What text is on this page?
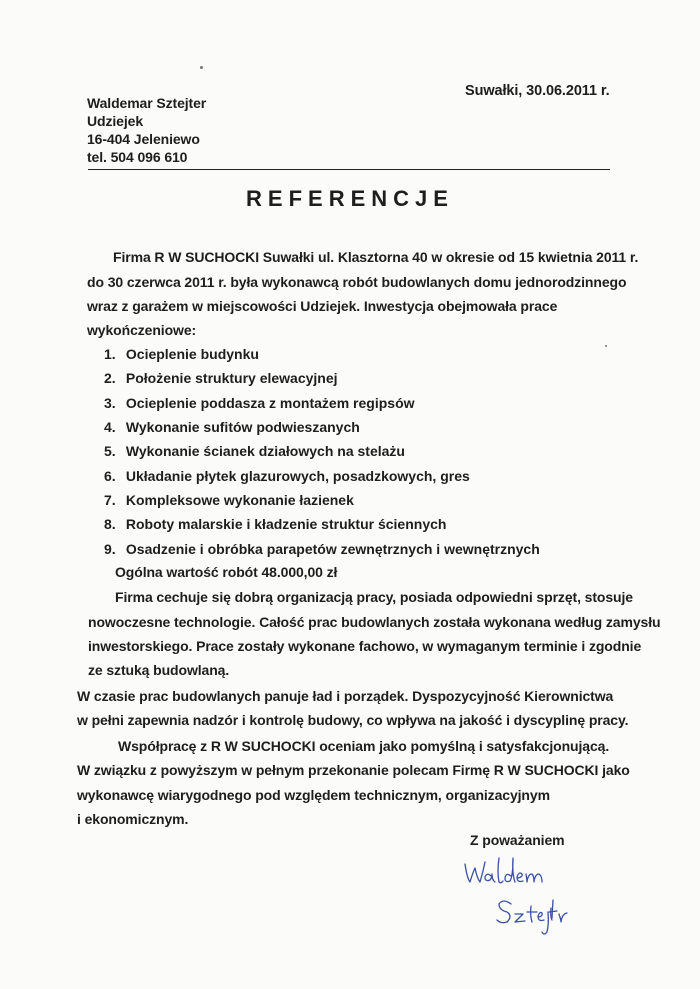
Suwałki, 30.06.2011 r.
Waldemar Sztejter
Udziejek
16-404 Jeleniewo
tel. 504 096 610
REFERENCJE
Firma R W SUCHOCKI Suwałki ul. Klasztorna 40 w okresie od 15 kwietnia 2011 r.
do 30 czerwca 2011 r. była wykonawcą robót budowlanych domu jednorodzinnego
wraz z garażem w miejscowości Udziejek. Inwestycja obejmowała prace
wykończeniowe:
1. Ocieplenie budynku
2. Położenie struktury elewacyjnej
3. Ocieplenie poddasza z montażem regipsów
4. Wykonanie sufitów podwieszanych
5. Wykonanie ścianek działowych na stelażu
6. Układanie płytek glazurowych, posadzkowych, gres
7. Kompleksowe wykonanie łazienek
8. Roboty malarskie i kładzenie struktur ściennych
9. Osadzenie i obróbka parapetów zewnętrznych i wewnętrznych
Ogólna wartość robót 48.000,00 zł
Firma cechuje się dobrą organizacją pracy, posiada odpowiedni sprzęt, stosuje
nowoczesne technologie. Całość prac budowlanych została wykonana według zamysłu
inwestorskiego. Prace zostały wykonane fachowo, w wymaganym terminie i zgodnie
ze sztuką budowlaną.
W czasie prac budowlanych panuje ład i porządek. Dyspozycyjność Kierownictwa
w pełni zapewnia nadzór i kontrolę budowy, co wpływa na jakość i dyscyplinę pracy.
Współpracę z R W SUCHOCKI oceniam jako pomyślną i satysfakcjonującą.
W związku z powyższym w pełnym przekonanie polecam Firmę R W SUCHOCKI jako
wykonawcę wiarygodnego pod względem technicznym, organizacyjnym
i ekonomicznym.
Z poważaniem
